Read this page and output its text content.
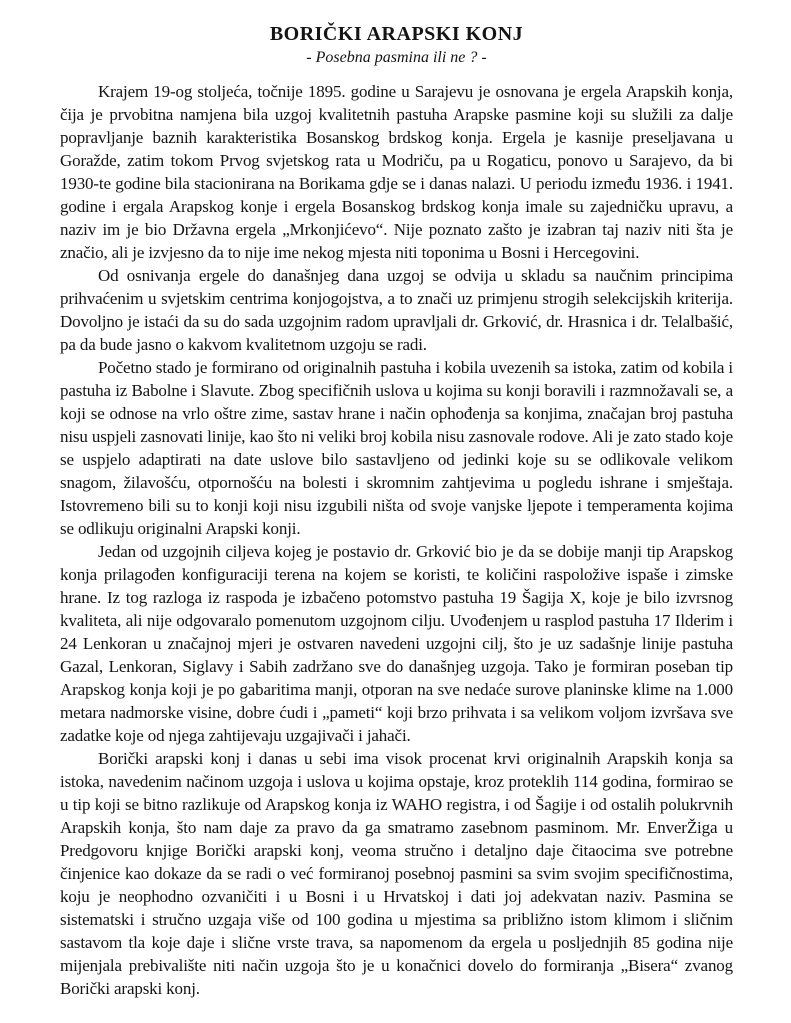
BORIČKI ARAPSKI KONJ
- Posebna pasmina ili ne ? -

Krajem 19-og stoljeća, točnije 1895. godine u Sarajevu je osnovana je ergela Arapskih konja, čija je prvobitna namjena bila uzgoj kvalitetnih pastuha Arapske pasmine koji su služili za dalje popravljanje baznih karakteristika Bosanskog brdskog konja. Ergela je kasnije preseljavana u Goražde, zatim tokom Prvog svjetskog rata u Modriču, pa u Rogaticu, ponovo u Sarajevo, da bi 1930-te godine bila stacionirana na Borikama gdje se i danas nalazi. U periodu između 1936. i 1941. godine i ergala Arapskog konje i ergela Bosanskog brdskog konja imale su zajedničku upravu, a naziv im je bio Državna ergela „Mrkonjićevo“. Nije poznato zašto je izabran taj naziv niti šta je značio, ali je izvjesno da to nije ime nekog mjesta niti toponima u Bosni i Hercegovini.

Od osnivanja ergele do današnjeg dana uzgoj se odvija u skladu sa naučnim principima prihvaćenim u svjetskim centrima konjogojstva, a to znači uz primjenu strogih selekcijskih kriterija. Dovoljno je istaći da su do sada uzgojnim radom upravljali dr. Grković, dr. Hrasnica i dr. Telalbašić, pa da bude jasno o kakvom kvalitetnom uzgoju se radi.

Početno stado je formirano od originalnih pastuha i kobila uvezenih sa istoka, zatim od kobila i pastuha iz Babolne i Slavute. Zbog specifičnih uslova u kojima su konji boravili i razmnožavali se, a koji se odnose na vrlo oštre zime, sastav hrane i način ophođenja sa konjima, značajan broj pastuha nisu uspjeli zasnovati linije, kao što ni veliki broj kobila nisu zasnovale rodove. Ali je zato stado koje se uspjelo adaptirati na date uslove bilo sastavljeno od jedinki koje su se odlikovale velikom snagom, žilavošću, otpornošću na bolesti i skromnim zahtjevima u pogledu ishrane i smještaja. Istovremeno bili su to konji koji nisu izgubili ništa od svoje vanjske ljepote i temperamenta kojima se odlikuju originalni Arapski konji.

Jedan od uzgojnih ciljeva kojeg je postavio dr. Grković bio je da se dobije manji tip Arapskog konja prilagođen konfiguraciji terena na kojem se koristi, te količini raspoložive ispaše i zimske hrane. Iz tog razloga iz raspoda je izbačeno potomstvo pastuha 19 Šagija X, koje je bilo izvrsnog kvaliteta, ali nije odgovaralo pomenutom uzgojnom cilju. Uvođenjem u rasplod pastuha 17 Ilderim i 24 Lenkoran u značajnoj mjeri je ostvaren navedeni uzgojni cilj, što je uz sadašnje linije pastuha Gazal, Lenkoran, Siglavy i Sabih zadržano sve do današnjeg uzgoja. Tako je formiran poseban tip Arapskog konja koji je po gabaritima manji, otporan na sve nedaće surove planinske klime na 1.000 metara nadmorske visine, dobre ćudi i „pameti“ koji brzo prihvata i sa velikom voljom izvršava sve zadatke koje od njega zahtijevaju uzgajivači i jahači.

Borički arapski konj i danas u sebi ima visok procenat krvi originalnih Arapskih konja sa istoka, navedenim načinom uzgoja i uslova u kojima opstaje, kroz proteklih 114 godina, formirao se u tip koji se bitno razlikuje od Arapskog konja iz WAHO registra, i od Šagije i od ostalih polukrvnih Arapskih konja, što nam daje za pravo da ga smatramo zasebnom pasminom. Mr. EnverŽiga u Predgovoru knjige Borički arapski konj, veoma stručno i detaljno daje čitaocima sve potrebne činjenice kao dokaze da se radi o već formiranoj posebnoj pasmini sa svim svojim specifičnostima, koju je neophodno ozvaničiti i u Bosni i u Hrvatskoj i dati joj adekvatan naziv. Pasmina se sistematski i stručno uzgaja više od 100 godina u mjestima sa približno istom klimom i sličnim sastavom tla koje daje i slične vrste trava, sa napomenom da ergela u posljednjih 85 godina nije mijenjala prebivalište niti način uzgoja što je u konačnici dovelo do formiranja „Bisera“ zvanog Borički arapski konj.
